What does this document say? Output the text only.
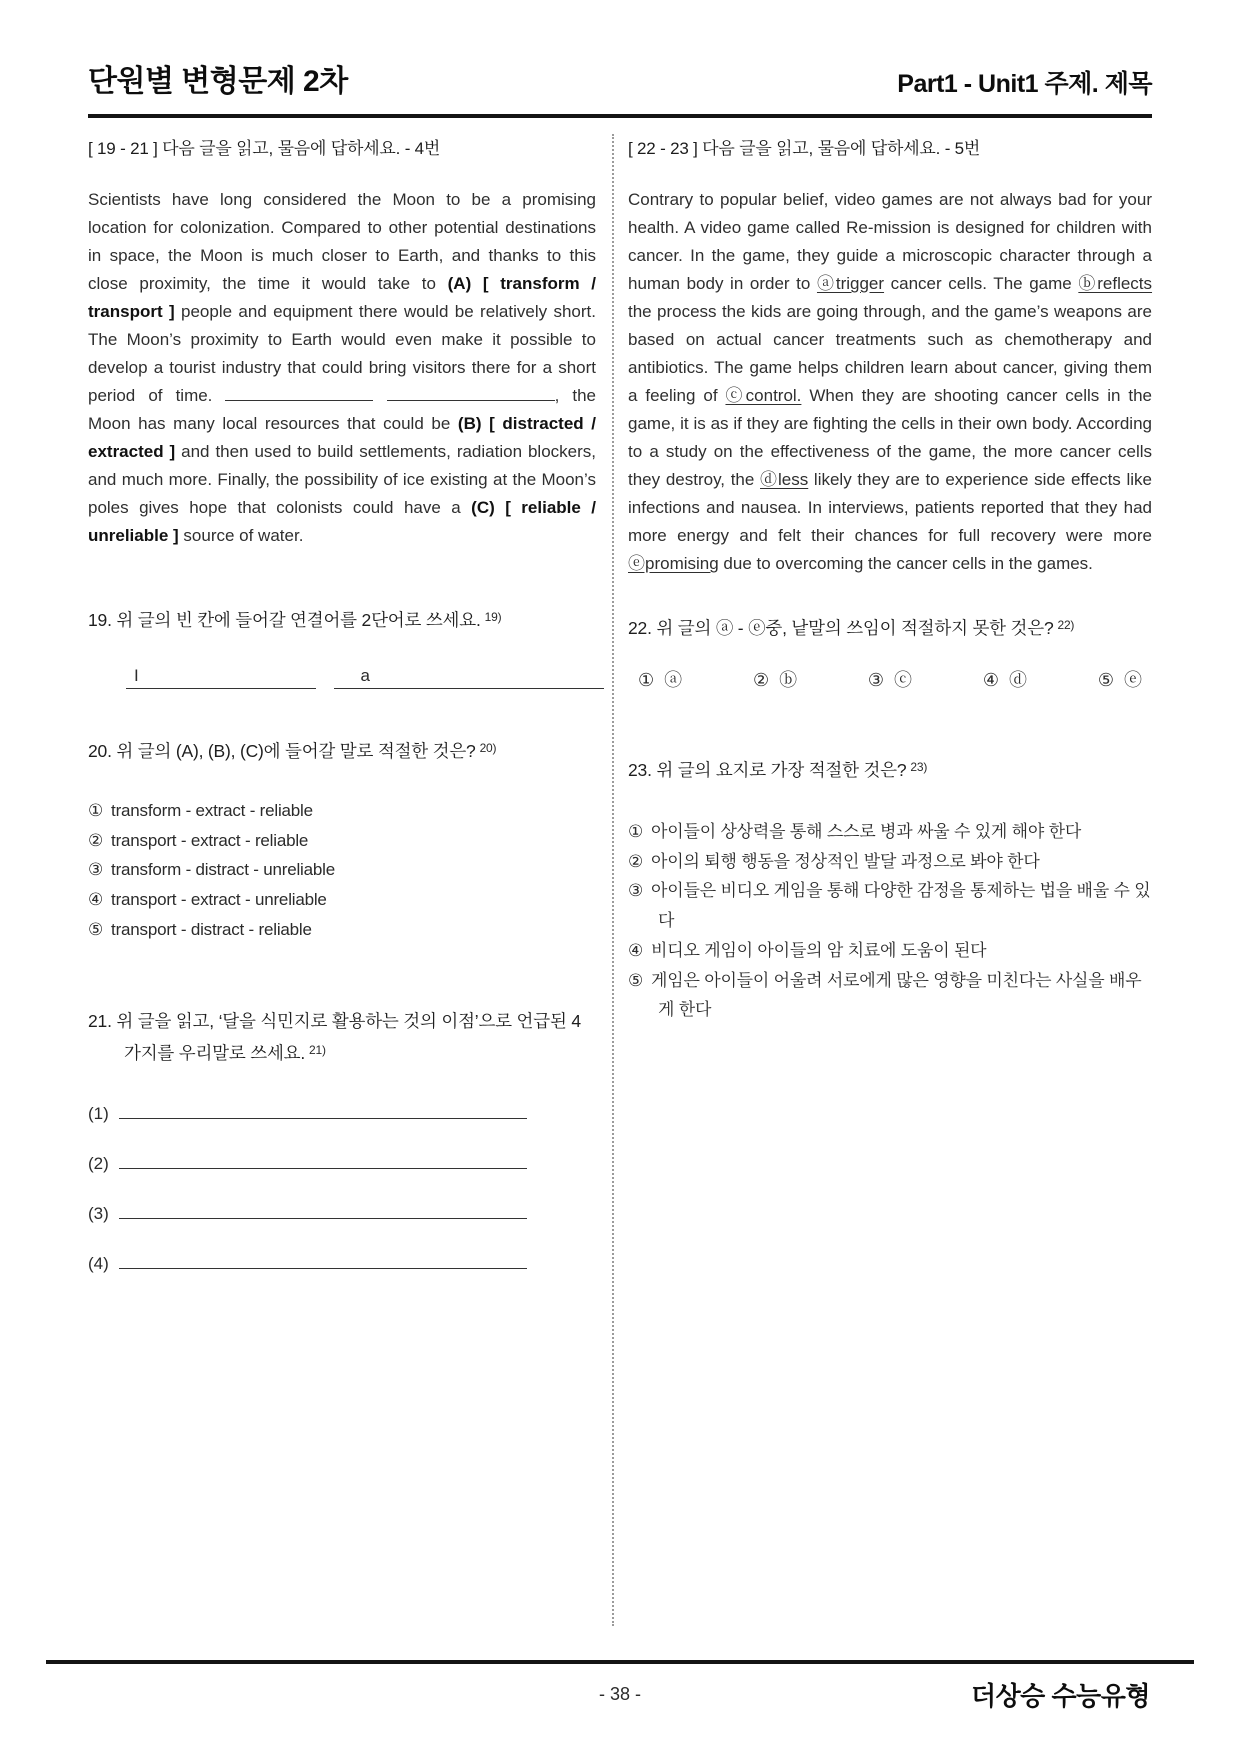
단원별 변형문제 2차	Part1 - Unit1 주제. 제목
[ 19 - 21 ] 다음 글을 읽고, 물음에 답하세요. - 4번
Scientists have long considered the Moon to be a promising location for colonization. Compared to other potential destinations in space, the Moon is much closer to Earth, and thanks to this close proximity, the time it would take to (A) [ transform / transport ] people and equipment there would be relatively short. The Moon’s proximity to Earth would even make it possible to develop a tourist industry that could bring visitors there for a short period of time.	, the Moon has many local resources that could be (B) [ distracted / extracted ] and then used to build settlements, radiation blockers, and much more. Finally, the possibility of ice existing at the Moon’s poles gives hope that colonists could have a (C) [ reliable / unreliable ] source of water.
19. 위 글의 빈 칸에 들어갈 연결어를 2단어로 쓰세요. $^{19)}$
I	a
20. 위 글의 (A), (B), (C)에 들어갈 말로 적절한 것은? $^{20)}$
① transform - extract - reliable
② transport - extract - reliable
③ transform - distract - unreliable
④ transport - extract - unreliable
⑤ transport - distract - reliable
21. 위 글을 읽고, ‘달을 식민지로 활용하는 것의 이점’으로 언급된 4가지를 우리말로 쓰세요. $^{21)}$
(1)
(2)
(3)
(4)
[ 22 - 23 ] 다음 글을 읽고, 물음에 답하세요. - 5번
Contrary to popular belief, video games are not always bad for your health. A video game called Re-mission is designed for children with cancer. In the game, they guide a microscopic character through a human body in order to ⓐtrigger cancer cells. The game ⓑreflects the process the kids are going through, and the game’s weapons are based on actual cancer treatments such as chemotherapy and antibiotics. The game helps children learn about cancer, giving them a feeling of ⓒcontrol. When they are shooting cancer cells in the game, it is as if they are fighting the cells in their own body. According to a study on the effectiveness of the game, the more cancer cells they destroy, the ⓓless likely they are to experience side effects like infections and nausea. In interviews, patients reported that they had more energy and felt their chances for full recovery were more ⓔpromising due to overcoming the cancer cells in the games.
22. 위 글의 ⓐ - ⓔ중, 낱말의 쓰임이 적절하지 못한 것은? $^{22)}$
① ⓐ	② ⓑ	③ ⓒ	④ ⓓ	⑤ ⓔ
23. 위 글의 요지로 가장 적절한 것은? $^{23)}$
① 아이들이 상상력을 통해 스스로 병과 싸울 수 있게 해야 한다
② 아이의 퇴행 행동을 정상적인 발달 과정으로 봐야 한다
③ 아이들은 비디오 게임을 통해 다양한 감정을 통제하는 법을 배울 수 있다
④ 비디오 게임이 아이들의 암 치료에 도움이 된다
⑤ 게임은 아이들이 어울려 서로에게 많은 영향을 미친다는 사실을 배우게 한다
- 38 -	더상승 수능유형
